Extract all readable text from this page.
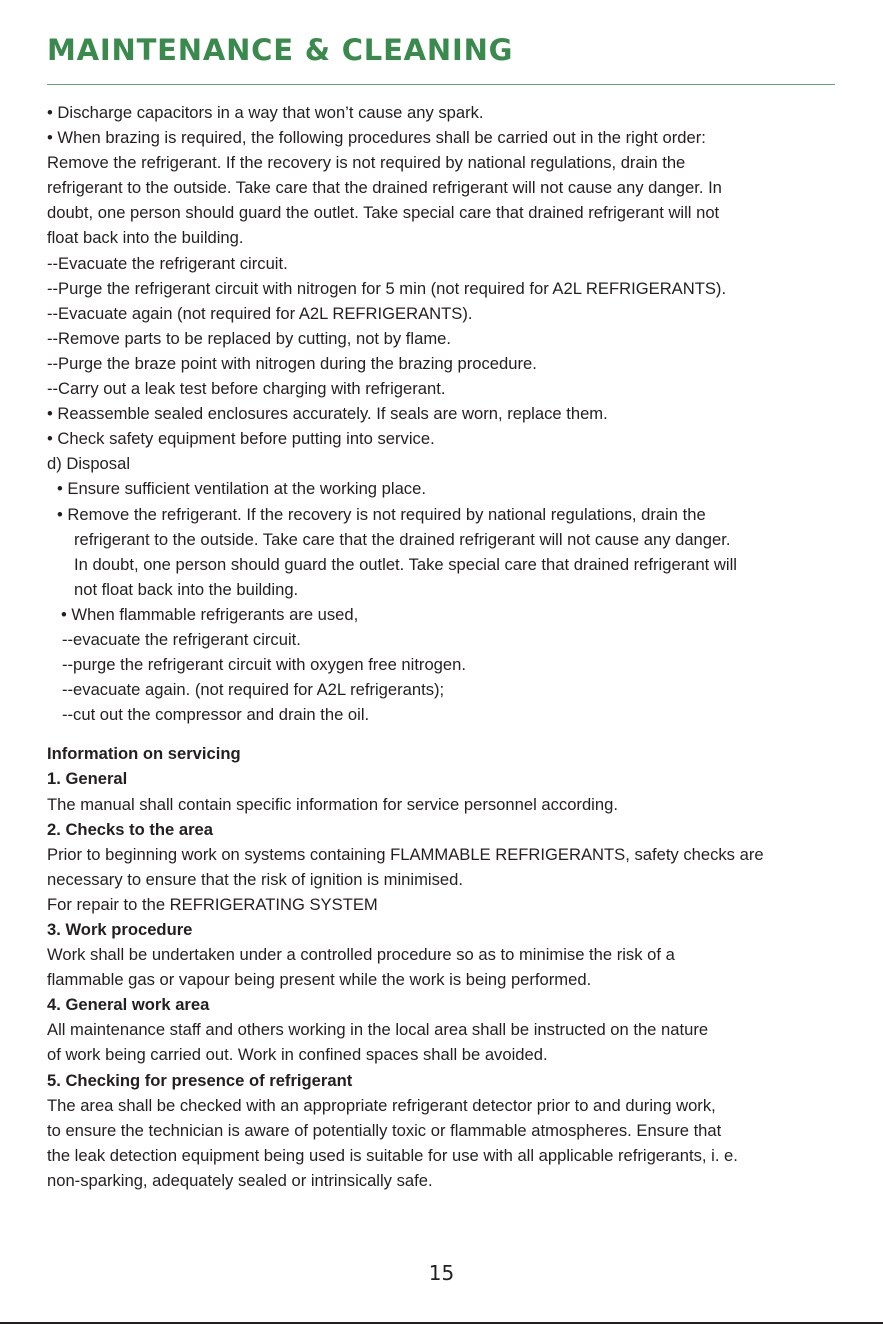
MAINTENANCE & CLEANING
• Discharge capacitors in a way that won’t cause any spark.
• When brazing is required, the following procedures shall be carried out in the right order:
Remove the refrigerant. If the recovery is not required by national regulations, drain the
refrigerant to the outside. Take care that the drained refrigerant will not cause any danger. In
doubt, one person should guard the outlet. Take special care that drained refrigerant will not
float back into the building.
--Evacuate the refrigerant circuit.
--Purge the refrigerant circuit with nitrogen for 5 min (not required for A2L REFRIGERANTS).
--Evacuate again (not required for A2L REFRIGERANTS).
--Remove parts to be replaced by cutting, not by flame.
--Purge the braze point with nitrogen during the brazing procedure.
--Carry out a leak test before charging with refrigerant.
• Reassemble sealed enclosures accurately. If seals are worn, replace them.
• Check safety equipment before putting into service.
d) Disposal
• Ensure sufficient ventilation at the working place.
• Remove the refrigerant. If the recovery is not required by national regulations, drain the
refrigerant to the outside. Take care that the drained refrigerant will not cause any danger.
In doubt, one person should guard the outlet. Take special care that drained refrigerant will
not float back into the building.
• When flammable refrigerants are used,
--evacuate the refrigerant circuit.
--purge the refrigerant circuit with oxygen free nitrogen.
--evacuate again. (not required for A2L refrigerants);
--cut out the compressor and drain the oil.
Information on servicing
1. General
The manual shall contain specific information for service personnel according.
2. Checks to the area
Prior to beginning work on systems containing FLAMMABLE REFRIGERANTS, safety checks are
necessary to ensure that the risk of ignition is minimised.
For repair to the REFRIGERATING SYSTEM
3. Work procedure
Work shall be undertaken under a controlled procedure so as to minimise the risk of a
flammable gas or vapour being present while the work is being performed.
4. General work area
All maintenance staff and others working in the local area shall be instructed on the nature
of work being carried out. Work in confined spaces shall be avoided.
5. Checking for presence of refrigerant
The area shall be checked with an appropriate refrigerant detector prior to and during work,
to ensure the technician is aware of potentially toxic or flammable atmospheres. Ensure that
the leak detection equipment being used is suitable for use with all applicable refrigerants, i. e.
non-sparking, adequately sealed or intrinsically safe.
15
